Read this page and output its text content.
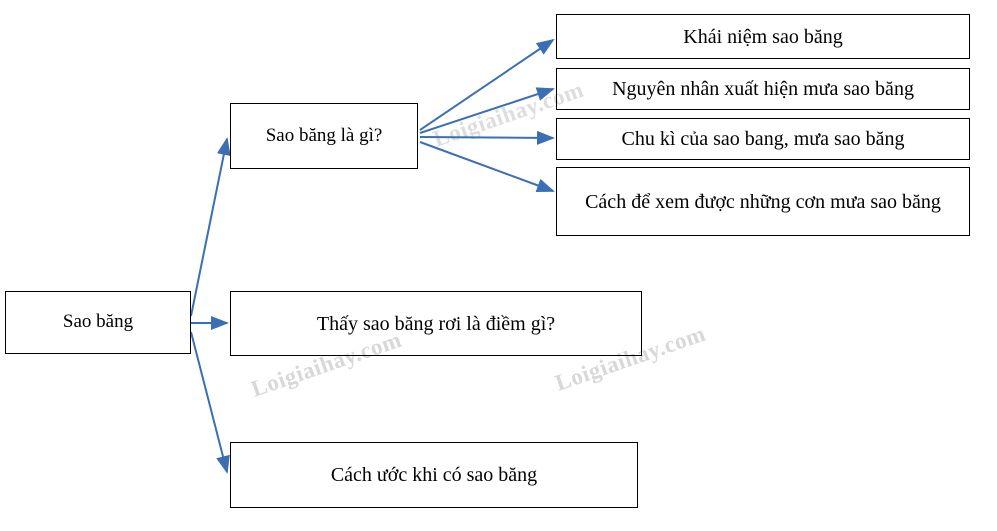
Loigiaihay.com
Loigiaihay.com	Loigiaihay.com
Sao băng
Sao băng là gì?
Thấy sao băng rơi là điềm gì?
Cách ước khi có sao băng
Khái niệm sao băng
Nguyên nhân xuất hiện mưa sao băng
Chu kì của sao bang, mưa sao băng
Cách để xem được những cơn mưa sao băng
